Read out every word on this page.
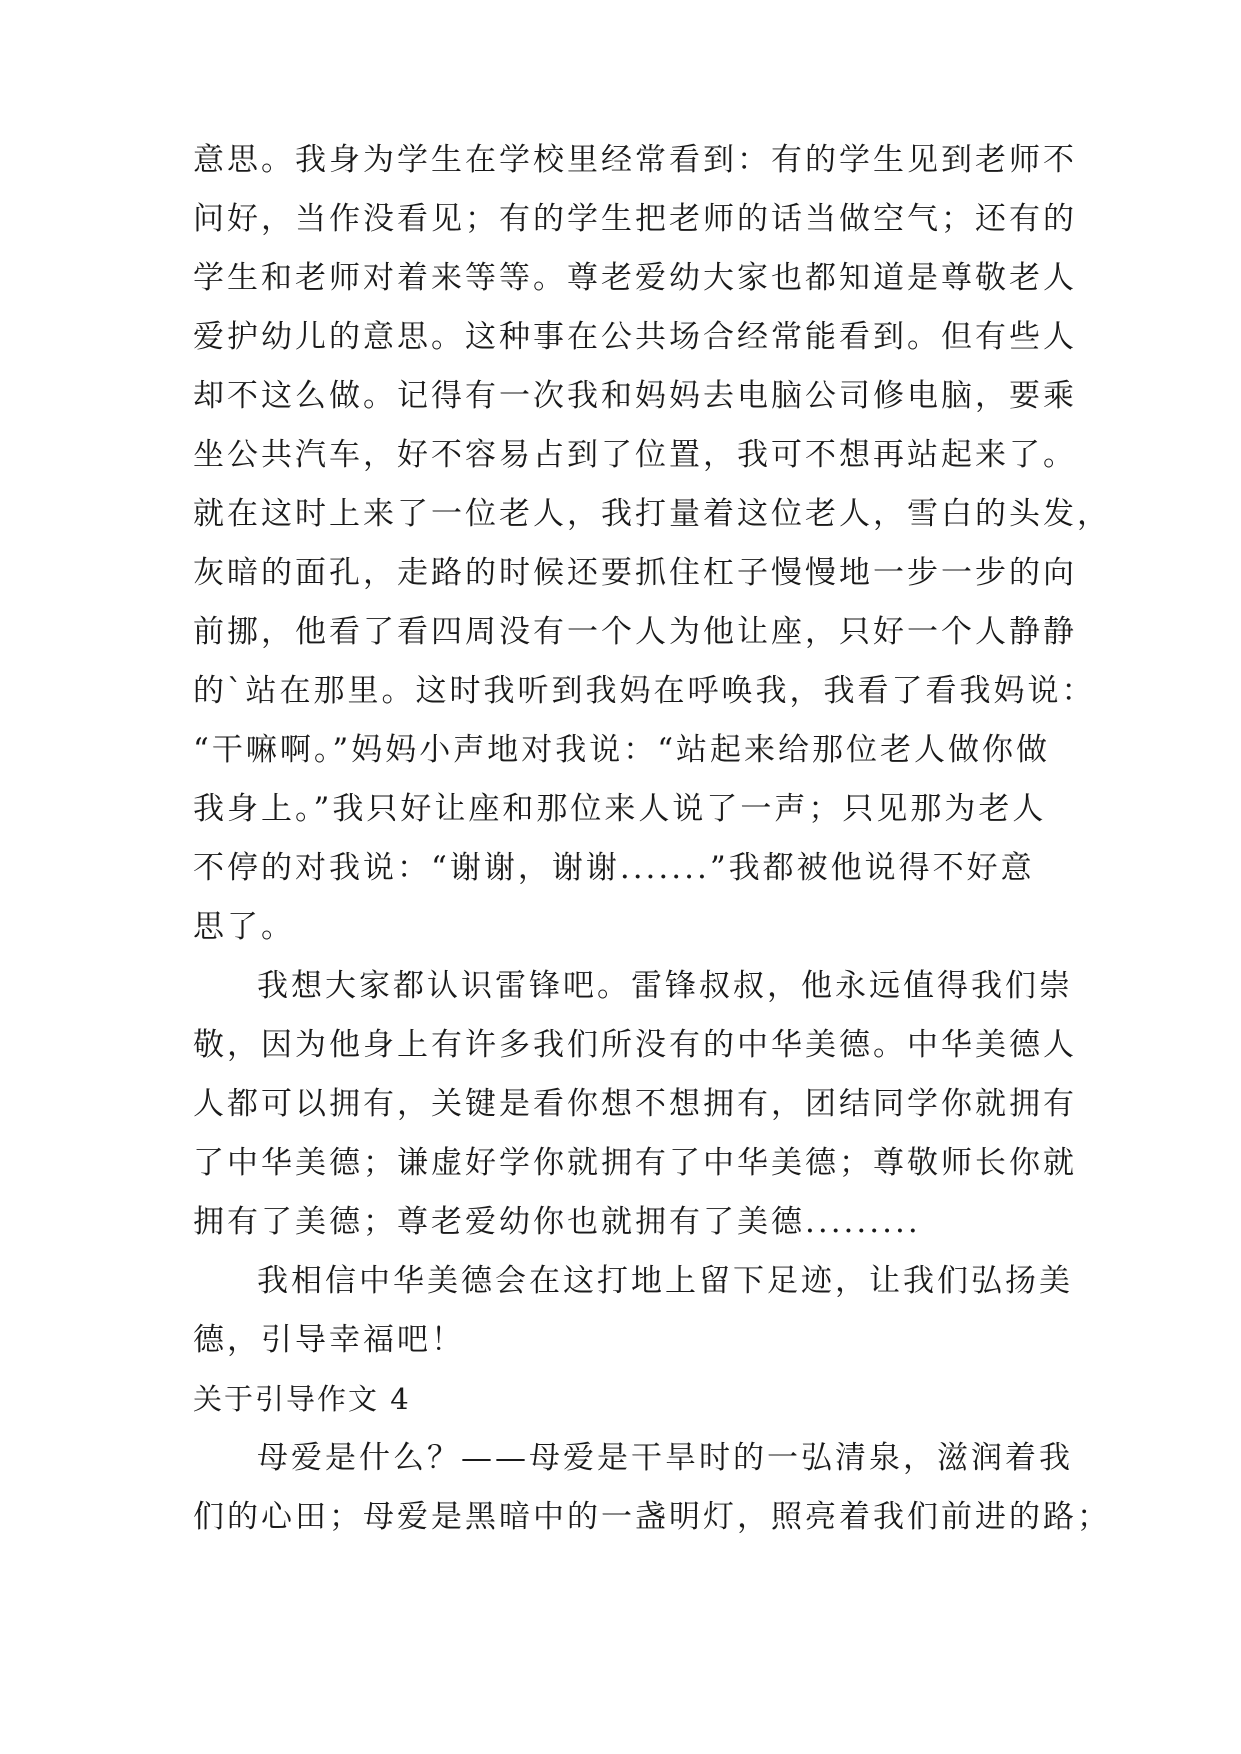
意思。我身为学生在学校里经常看到：有的学生见到老师不
问好，当作没看见；有的学生把老师的话当做空气；还有的
学生和老师对着来等等。尊老爱幼大家也都知道是尊敬老人
爱护幼儿的意思。这种事在公共场合经常能看到。但有些人
却不这么做。记得有一次我和妈妈去电脑公司修电脑，要乘
坐公共汽车，好不容易占到了位置，我可不想再站起来了。
就在这时上来了一位老人，我打量着这位老人，雪白的头发，
灰暗的面孔，走路的时候还要抓住杠子慢慢地一步一步的向
前挪，他看了看四周没有一个人为他让座，只好一个人静静
的`站在那里。这时我听到我妈在呼唤我，我看了看我妈说：
“干嘛啊。”妈妈小声地对我说：“站起来给那位老人做你做
我身上。”我只好让座和那位来人说了一声；只见那为老人
不停的对我说：“谢谢，谢谢.......”我都被他说得不好意
思了。
我想大家都认识雷锋吧。雷锋叔叔，他永远值得我们崇
敬，因为他身上有许多我们所没有的中华美德。中华美德人
人都可以拥有，关键是看你想不想拥有，团结同学你就拥有
了中华美德；谦虚好学你就拥有了中华美德；尊敬师长你就
拥有了美德；尊老爱幼你也就拥有了美德.........
我相信中华美德会在这打地上留下足迹，让我们弘扬美
德，引导幸福吧！
关于引导作文 4
母爱是什么？——母爱是干旱时的一弘清泉，滋润着我
们的心田；母爱是黑暗中的一盏明灯，照亮着我们前进的路；
